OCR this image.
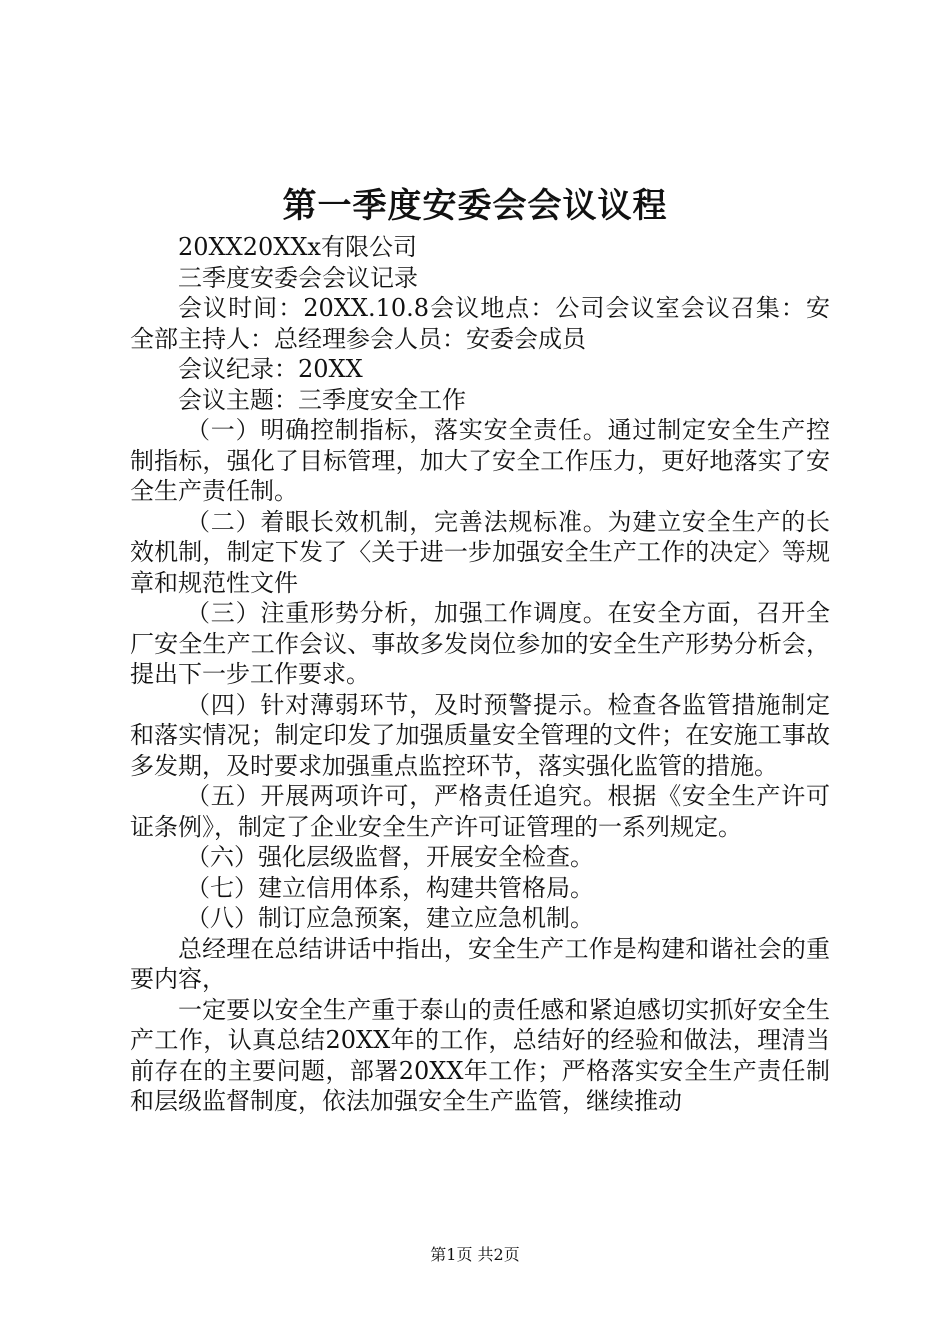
第一季度安委会会议议程

20XX20XXx有限公司

三季度安委会会议记录

会议时间：20XX.10.8会议地点：公司会议室会议召集：安全部主持人：总经理参会人员：安委会成员

会议纪录：20XX

会议主题：三季度安全工作

（一）明确控制指标，落实安全责任。通过制定安全生产控制指标，强化了目标管理，加大了安全工作压力，更好地落实了安全生产责任制。

（二）着眼长效机制，完善法规标准。为建立安全生产的长效机制，制定下发了〈关于进一步加强安全生产工作的决定〉等规章和规范性文件

（三）注重形势分析，加强工作调度。在安全方面，召开全厂安全生产工作会议、事故多发岗位参加的安全生产形势分析会，提出下一步工作要求。

（四）针对薄弱环节，及时预警提示。检查各监管措施制定和落实情况；制定印发了加强质量安全管理的文件；在安施工事故多发期，及时要求加强重点监控环节，落实强化监管的措施。

（五）开展两项许可，严格责任追究。根据《安全生产许可证条例》，制定了企业安全生产许可证管理的一系列规定。

（六）强化层级监督，开展安全检查。

（七）建立信用体系，构建共管格局。

（八）制订应急预案，建立应急机制。

总经理在总结讲话中指出，安全生产工作是构建和谐社会的重要内容，

一定要以安全生产重于泰山的责任感和紧迫感切实抓好安全生产工作，认真总结20XX年的工作，总结好的经验和做法，理清当前存在的主要问题，部署20XX年工作；严格落实安全生产责任制和层级监督制度，依法加强安全生产监管，继续推动

第1页 共2页
